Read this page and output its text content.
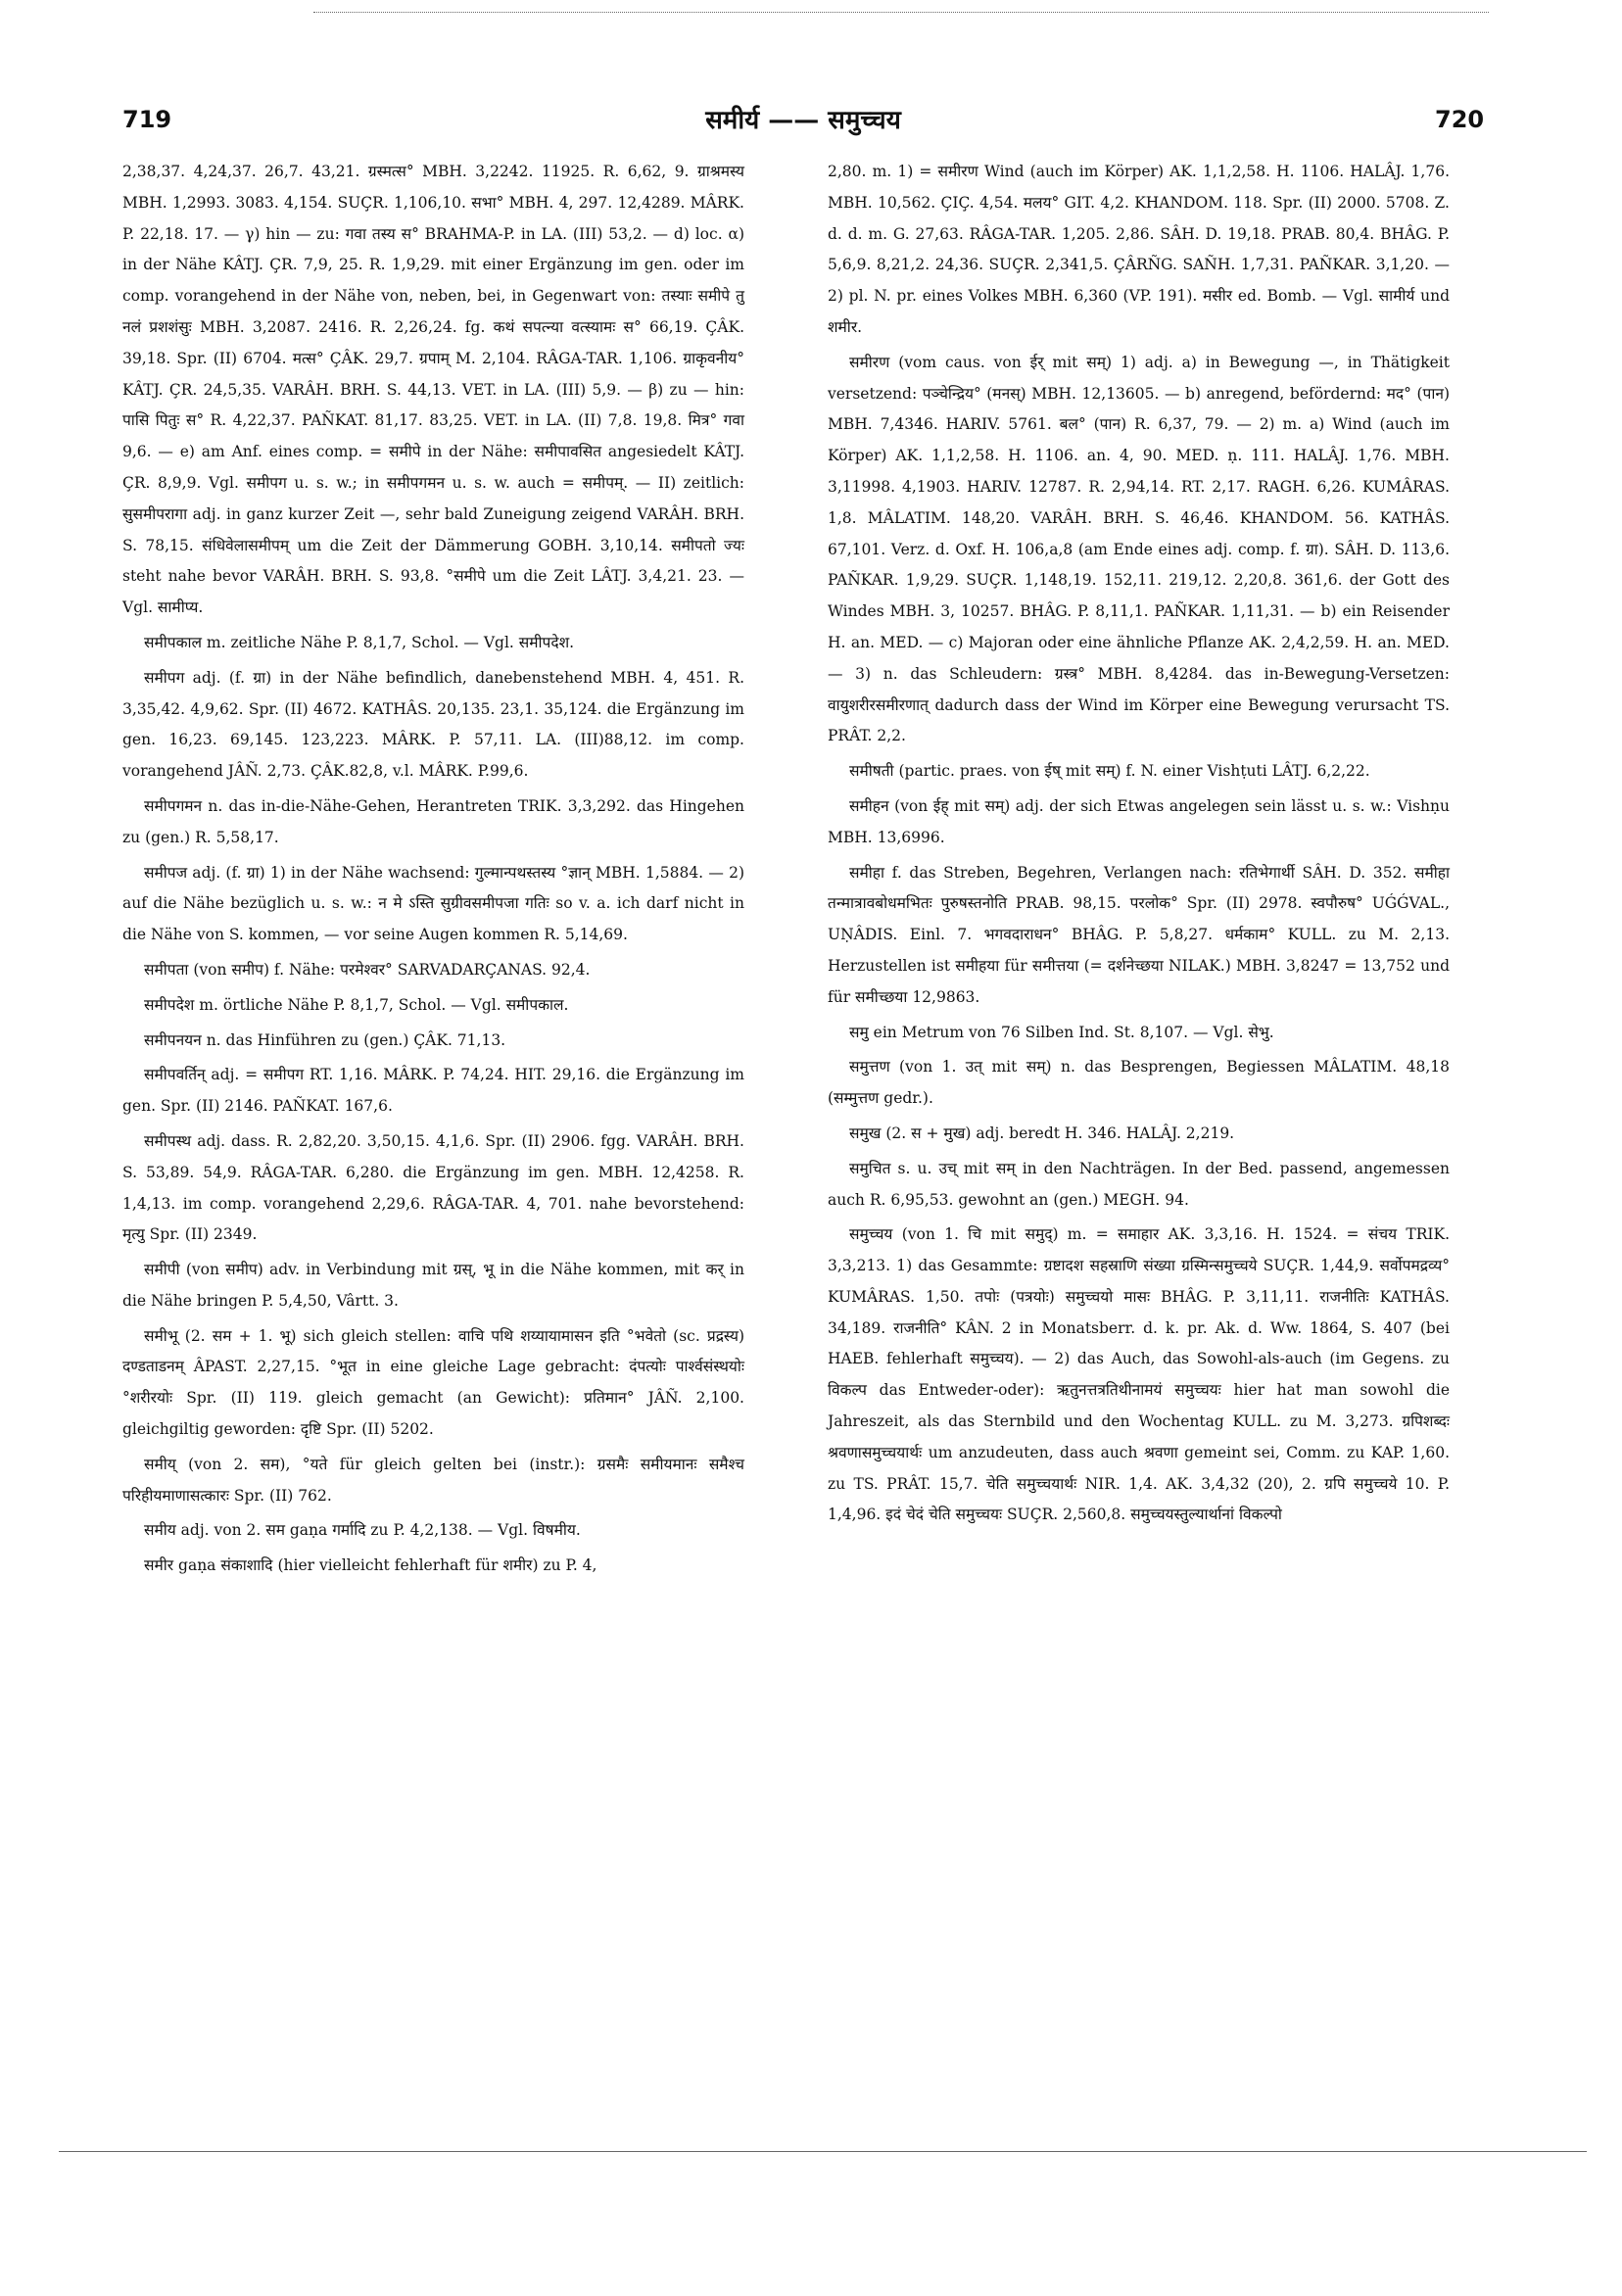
719	समीर्य —— समुच्चय	720

2,38,37. 4,24,37. 26,7. 43,21. ग्रस्मत्स° MBH. 3,2242. 11925. R. 6,62, 9. ग्राश्रमस्य MBH. 1,2993. 3083. 4,154. SUÇR. 1,106,10. सभा° MBH. 4, 297. 12,4289. MÂRK. P. 22,18. 17. — γ) hin — zu: गवा तस्य स° BRAHMA-P. in LA. (III) 53,2. — d) loc. α) in der Nähe KÂTJ. ÇR. 7,9, 25. R. 1,9,29. mit einer Ergänzung im gen. oder im comp. vorangehend in der Nähe von, neben, bei, in Gegenwart von: तस्याः समीपे तु नलं प्रशशंसुः MBH. 3,2087. 2416. R. 2,26,24. fg. कथं सपत्न्या वत्स्यामः स° 66,19. ÇÂK. 39,18. Spr. (II) 6704. मत्स° ÇÂK. 29,7. ग्रपाम् M. 2,104. RÂGA-TAR. 1,106. ग्राकृवनीय° KÂTJ. ÇR. 24,5,35. VARÂH. BRH. S. 44,13. VET. in LA. (III) 5,9. — β) zu — hin: पासि पितुः स° R. 4,22,37. PAÑKAT. 81,17. 83,25. VET. in LA. (II) 7,8. 19,8. मित्र° गवा 9,6. — e) am Anf. eines comp. = समीपे in der Nähe: समीपावसित angesiedelt KÂTJ. ÇR. 8,9,9. Vgl. समीपग u. s. w.; in समीपगमन u. s. w. auch = समीपम्. — II) zeitlich: सुसमीपरागा adj. in ganz kurzer Zeit —, sehr bald Zuneigung zeigend VARÂH. BRH. S. 78,15. संधिवेलासमीपम् um die Zeit der Dämmerung GOBH. 3,10,14. समीपतो ज्यः steht nahe bevor VARÂH. BRH. S. 93,8. °समीपे um die Zeit LÂTJ. 3,4,21. 23. — Vgl. सामीप्य.

समीपकाल m. zeitliche Nähe P. 8,1,7, Schol. — Vgl. समीपदेश.

समीपग adj. (f. ग्रा) in der Nähe befindlich, danebenstehend MBH. 4, 451. R. 3,35,42. 4,9,62. Spr. (II) 4672. KATHÂS. 20,135. 23,1. 35,124. die Ergänzung im gen. 16,23. 69,145. 123,223. MÂRK. P. 57,11. LA. (III)88,12. im comp. vorangehend JÂÑ. 2,73. ÇÂK.82,8, v.l. MÂRK. P.99,6.

समीपगमन n. das in-die-Nähe-Gehen, Herantreten TRIK. 3,3,292. das Hingehen zu (gen.) R. 5,58,17.

समीपज adj. (f. ग्रा) 1) in der Nähe wachsend: गुल्मान्पथस्तस्य °ज्ञान् MBH. 1,5884. — 2) auf die Nähe bezüglich u. s. w.: न मे ऽस्ति सुग्रीवसमीपजा गतिः so v. a. ich darf nicht in die Nähe von S. kommen, — vor seine Augen kommen R. 5,14,69.

समीपता (von समीप) f. Nähe: परमेश्वर° SARVADARÇANAS. 92,4.

समीपदेश m. örtliche Nähe P. 8,1,7, Schol. — Vgl. समीपकाल.

समीपनयन n. das Hinführen zu (gen.) ÇÂK. 71,13.

समीपवर्तिन् adj. = समीपग RT. 1,16. MÂRK. P. 74,24. HIT. 29,16. die Ergänzung im gen. Spr. (II) 2146. PAÑKAT. 167,6.

समीपस्थ adj. dass. R. 2,82,20. 3,50,15. 4,1,6. Spr. (II) 2906. fgg. VARÂH. BRH. S. 53,89. 54,9. RÂGA-TAR. 6,280. die Ergänzung im gen. MBH. 12,4258. R. 1,4,13. im comp. vorangehend 2,29,6. RÂGA-TAR. 4, 701. nahe bevorstehend: मृत्यु Spr. (II) 2349.

समीपी (von समीप) adv. in Verbindung mit ग्रस्, भू in die Nähe kommen, mit कर् in die Nähe bringen P. 5,4,50, Vârtt. 3.

समीभू (2. सम + 1. भू) sich gleich stellen: वाचि पथि शय्यायामासन इति °भवेतो (sc. प्रद्रस्य) दण्डताडनम् ÂPAST. 2,27,15. °भूत in eine gleiche Lage gebracht: दंपत्योः पार्श्वसंस्थयोः °शरीरयोः Spr. (II) 119. gleich gemacht (an Gewicht): प्रतिमान° JÂÑ. 2,100. gleichgiltig geworden: दृष्टि Spr. (II) 5202.

समीय् (von 2. सम), °यते für gleich gelten bei (instr.): ग्रसमैः समीयमानः समैश्च परिहीयमाणासत्कारः Spr. (II) 762.

समीय adj. von 2. सम gaṇa गर्मादि zu P. 4,2,138. — Vgl. विषमीय.

समीर gaṇa संकाशादि (hier vielleicht fehlerhaft für शमीर) zu P. 4,

2,80. m. 1) = समीरण Wind (auch im Körper) AK. 1,1,2,58. H. 1106. HALÂJ. 1,76. MBH. 10,562. ÇIÇ. 4,54. मलय° GIT. 4,2. KHANDOM. 118. Spr. (II) 2000. 5708. Z. d. d. m. G. 27,63. RÂGA-TAR. 1,205. 2,86. SÂH. D. 19,18. PRAB. 80,4. BHÂG. P. 5,6,9. 8,21,2. 24,36. SUÇR. 2,341,5. ÇÂRÑG. SAÑH. 1,7,31. PAÑKAR. 3,1,20. — 2) pl. N. pr. eines Volkes MBH. 6,360 (VP. 191). मसीर ed. Bomb. — Vgl. सामीर्य und शमीर.

समीरण (vom caus. von ईर् mit सम्) 1) adj. a) in Bewegung —, in Thätigkeit versetzend: पञ्चेन्द्रिय° (मनस्) MBH. 12,13605. — b) anregend, befördernd: मद° (पान) MBH. 7,4346. HARIV. 5761. बल° (पान) R. 6,37, 79. — 2) m. a) Wind (auch im Körper) AK. 1,1,2,58. H. 1106. an. 4, 90. MED. ṇ. 111. HALÂJ. 1,76. MBH. 3,11998. 4,1903. HARIV. 12787. R. 2,94,14. RT. 2,17. RAGH. 6,26. KUMÂRAS. 1,8. MÂLATIM. 148,20. VARÂH. BRH. S. 46,46. KHANDOM. 56. KATHÂS. 67,101. Verz. d. Oxf. H. 106,a,8 (am Ende eines adj. comp. f. ग्रा). SÂH. D. 113,6. PAÑKAR. 1,9,29. SUÇR. 1,148,19. 152,11. 219,12. 2,20,8. 361,6. der Gott des Windes MBH. 3, 10257. BHÂG. P. 8,11,1. PAÑKAR. 1,11,31. — b) ein Reisender H. an. MED. — c) Majoran oder eine ähnliche Pflanze AK. 2,4,2,59. H. an. MED. — 3) n. das Schleudern: ग्रस्त्र° MBH. 8,4284. das in-Bewegung-Versetzen: वायुशरीरसमीरणात् dadurch dass der Wind im Körper eine Bewegung verursacht TS. PRÂT. 2,2.

समीषती (partic. praes. von ईष् mit सम्) f. N. einer Vishṭuti LÂTJ. 6,2,22.

समीहन (von ईह् mit सम्) adj. der sich Etwas angelegen sein lässt u. s. w.: Vishṇu MBH. 13,6996.

समीहा f. das Streben, Begehren, Verlangen nach: रतिभेगार्थी SÂH. D. 352. समीहा तन्मात्रावबोधमभितः पुरुषस्तनोति PRAB. 98,15. परलोक° Spr. (II) 2978. स्वपौरुष° UǴǴVAL., UṆÂDIS. Einl. 7. भगवदाराधन° BHÂG. P. 5,8,27. धर्मकाम° KULL. zu M. 2,13. Herzustellen ist समीहया für समीत्तया (= दर्शनेच्छया NILAK.) MBH. 3,8247 = 13,752 und für समीच्छया 12,9863.

समु ein Metrum von 76 Silben Ind. St. 8,107. — Vgl. सेभु.

समुत्तण (von 1. उत् mit सम्) n. das Besprengen, Begiessen MÂLATIM. 48,18 (सम्मुत्तण gedr.).

समुख (2. स + मुख) adj. beredt H. 346. HALÂJ. 2,219.

समुचित s. u. उच् mit सम् in den Nachträgen. In der Bed. passend, angemessen auch R. 6,95,53. gewohnt an (gen.) MEGH. 94.

समुच्चय (von 1. चि mit समुद्) m. = समाहार AK. 3,3,16. H. 1524. = संचय TRIK. 3,3,213. 1) das Gesammte: ग्रष्टादश सहस्राणि संख्या ग्रस्मिन्समुच्चये SUÇR. 1,44,9. सर्वोपमद्रव्य° KUMÂRAS. 1,50. तपोः (पत्रयोः) समुच्चयो मासः BHÂG. P. 3,11,11. राजनीतिः KATHÂS. 34,189. राजनीति° KÂN. 2 in Monatsberr. d. k. pr. Ak. d. Ww. 1864, S. 407 (bei HAEB. fehlerhaft समुच्चय). — 2) das Auch, das Sowohl-als-auch (im Gegens. zu विकल्प das Entweder-oder): ऋतुनत्तत्रतिथीनामयं समुच्चयः hier hat man sowohl die Jahreszeit, als das Sternbild und den Wochentag KULL. zu M. 3,273. ग्रपिशब्दः श्रवणासमुच्चयार्थः um anzudeuten, dass auch श्रवणा gemeint sei, Comm. zu KAP. 1,60. zu TS. PRÂT. 15,7. चेति समुच्चयार्थः NIR. 1,4. AK. 3,4,32 (20), 2. ग्रपि समुच्चये 10. P. 1,4,96. इदं चेदं चेति समुच्चयः SUÇR. 2,560,8. समुच्चयस्तुल्यार्थानां विकल्पो
